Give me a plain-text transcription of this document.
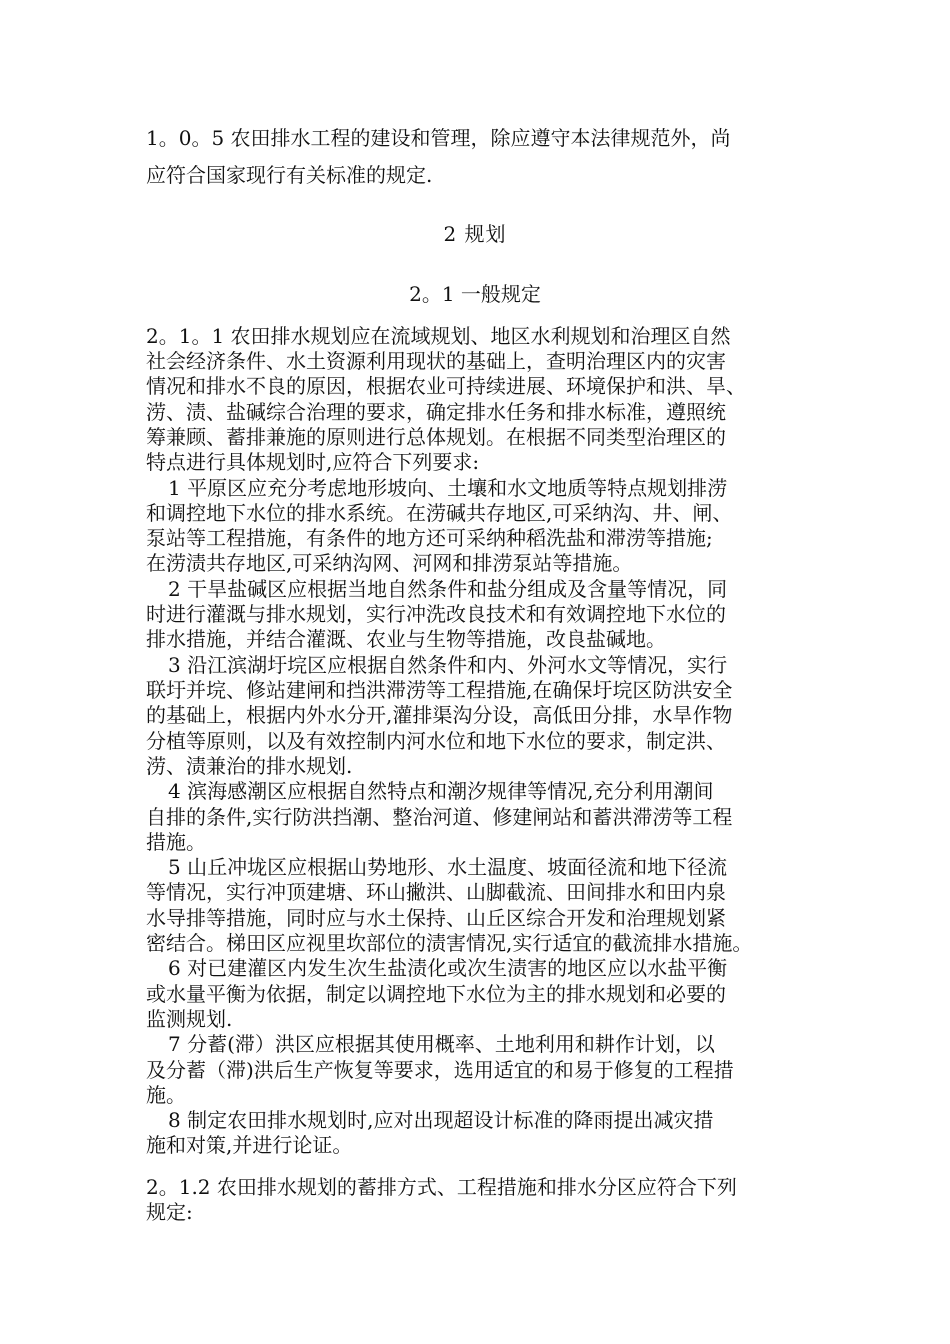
1。0。5 农田排水工程的建设和管理，除应遵守本法律规范外，尚
应符合国家现行有关标准的规定.
2 规划
2。1 一般规定
2。1。1 农田排水规划应在流域规划、地区水利规划和治理区自然
社会经济条件、水土资源利用现状的基础上，查明治理区内的灾害
情况和排水不良的原因，根据农业可持续进展、环境保护和洪、旱、
涝、渍、盐碱综合治理的要求，确定排水任务和排水标准，遵照统
筹兼顾、蓄排兼施的原则进行总体规划。在根据不同类型治理区的
特点进行具体规划时,应符合下列要求:
1 平原区应充分考虑地形坡向、土壤和水文地质等特点规划排涝
和调控地下水位的排水系统。在涝碱共存地区,可采纳沟、井、闸、
泵站等工程措施，有条件的地方还可采纳种稻洗盐和滞涝等措施;
在涝渍共存地区,可采纳沟网、河网和排涝泵站等措施。
2 干旱盐碱区应根据当地自然条件和盐分组成及含量等情况，同
时进行灌溉与排水规划，实行冲洗改良技术和有效调控地下水位的
排水措施，并结合灌溉、农业与生物等措施，改良盐碱地。
3 沿江滨湖圩垸区应根据自然条件和内、外河水文等情况，实行
联圩并垸、修站建闸和挡洪滞涝等工程措施,在确保圩垸区防洪安全
的基础上，根据内外水分开,灌排渠沟分设，高低田分排，水旱作物
分植等原则，以及有效控制内河水位和地下水位的要求，制定洪、
涝、渍兼治的排水规划.
4 滨海感潮区应根据自然特点和潮汐规律等情况,充分利用潮间
自排的条件,实行防洪挡潮、整治河道、修建闸站和蓄洪滞涝等工程
措施。
5 山丘冲垅区应根据山势地形、水土温度、坡面径流和地下径流
等情况，实行冲顶建塘、环山撇洪、山脚截流、田间排水和田内泉
水导排等措施，同时应与水土保持、山丘区综合开发和治理规划紧
密结合。梯田区应视里坎部位的渍害情况,实行适宜的截流排水措施。
6 对已建灌区内发生次生盐渍化或次生渍害的地区应以水盐平衡
或水量平衡为依据，制定以调控地下水位为主的排水规划和必要的
监测规划.
7 分蓄(滞）洪区应根据其使用概率、土地利用和耕作计划，以
及分蓄（滞)洪后生产恢复等要求，选用适宜的和易于修复的工程措
施。
8 制定农田排水规划时,应对出现超设计标准的降雨提出减灾措
施和对策,并进行论证。
2。1.2 农田排水规划的蓄排方式、工程措施和排水分区应符合下列
规定:
